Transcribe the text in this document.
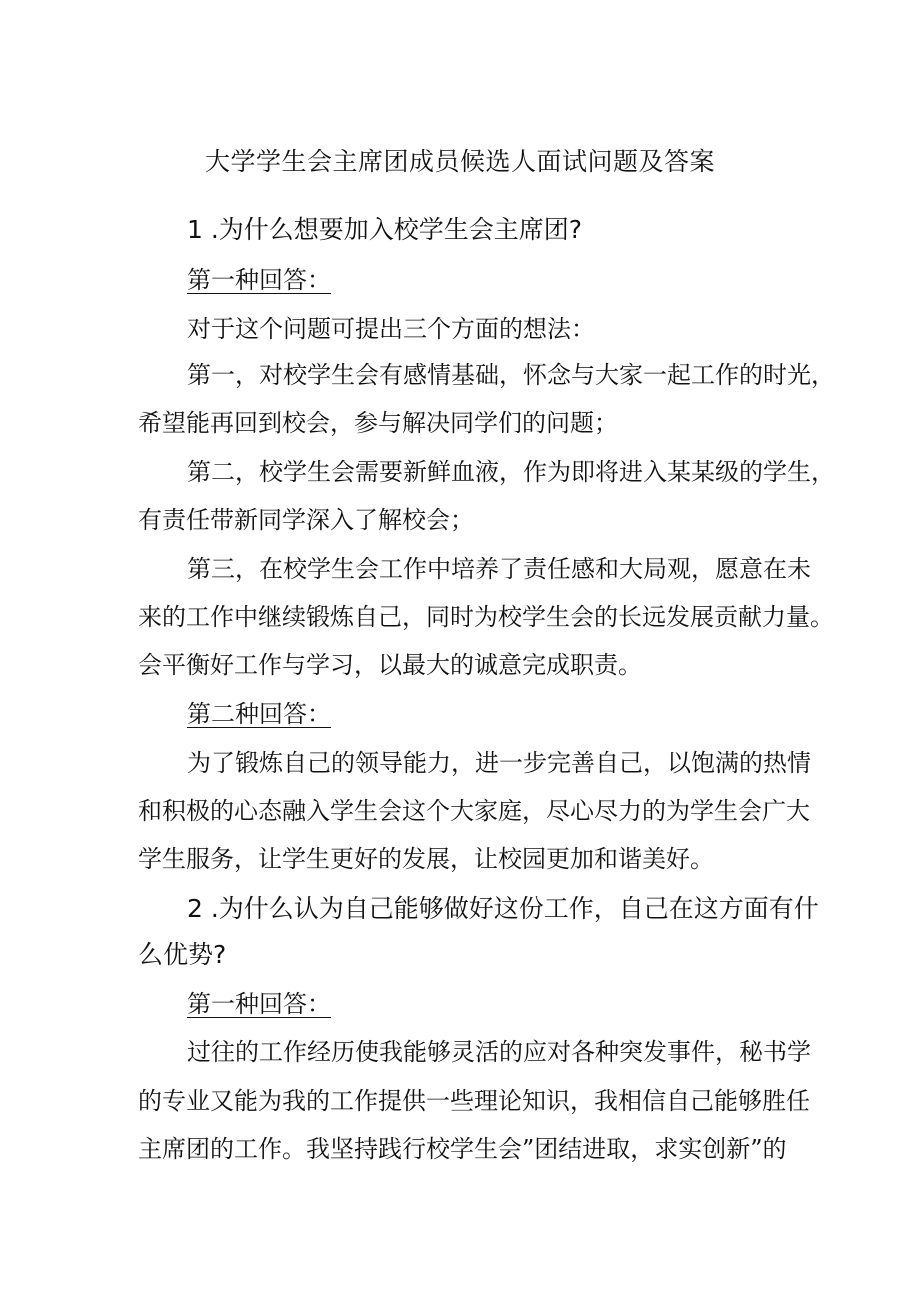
大学学生会主席团成员候选人面试问题及答案
1 .为什么想要加入校学生会主席团?
第一种回答：
对于这个问题可提出三个方面的想法：
第一，对校学生会有感情基础，怀念与大家一起工作的时光，
希望能再回到校会，参与解决同学们的问题；
第二，校学生会需要新鲜血液，作为即将进入某某级的学生，
有责任带新同学深入了解校会；
第三，在校学生会工作中培养了责任感和大局观，愿意在未
来的工作中继续锻炼自己，同时为校学生会的长远发展贡献力量。
会平衡好工作与学习，以最大的诚意完成职责。
第二种回答：
为了锻炼自己的领导能力，进一步完善自己，以饱满的热情
和积极的心态融入学生会这个大家庭，尽心尽力的为学生会广大
学生服务，让学生更好的发展，让校园更加和谐美好。
2 .为什么认为自己能够做好这份工作，自己在这方面有什
么优势?
第一种回答：
过往的工作经历使我能够灵活的应对各种突发事件，秘书学
的专业又能为我的工作提供一些理论知识，我相信自己能够胜任
主席团的工作。我坚持践行校学生会”团结进取，求实创新”的
